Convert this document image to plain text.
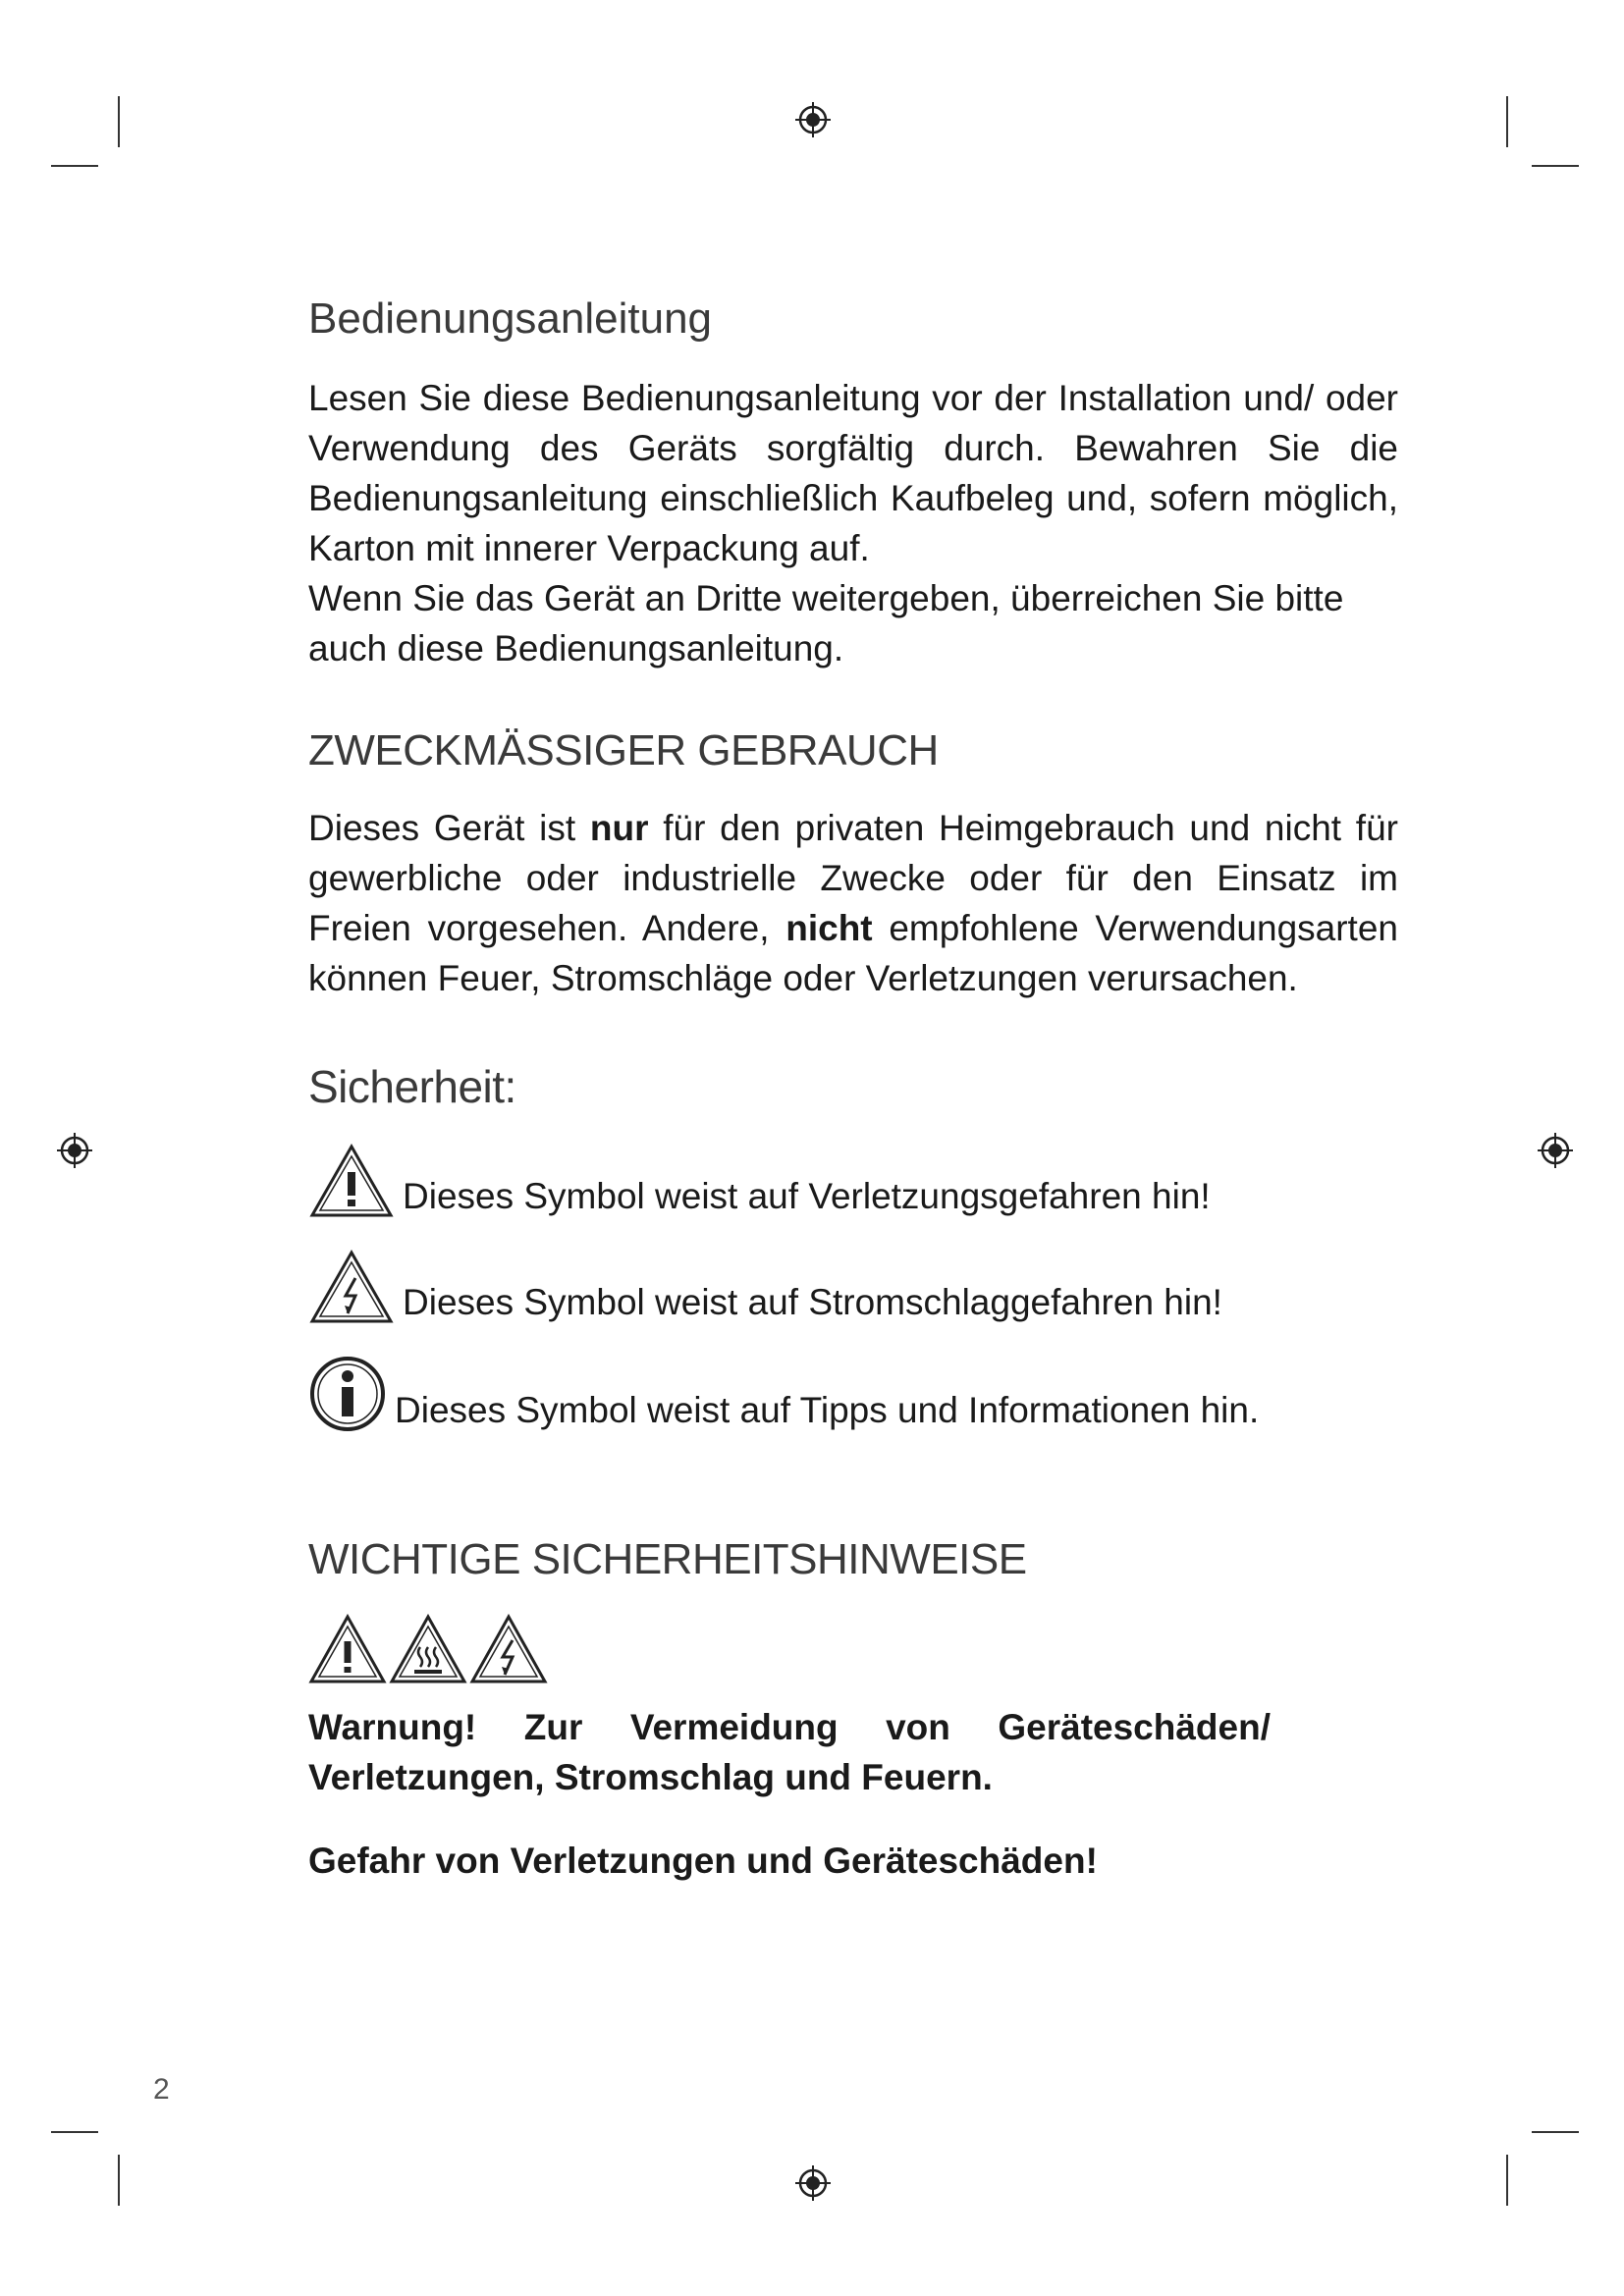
Bedienungsanleitung

Lesen Sie diese Bedienungsanleitung vor der Installation und/ oder Verwendung des Geräts sorgfältig durch. Bewahren Sie die Bedienungsanleitung einschließlich Kaufbeleg und, sofern möglich, Karton mit innerer Verpackung auf.

Wenn Sie das Gerät an Dritte weitergeben, überreichen Sie bitte auch diese Bedienungsanleitung.

ZWECKMÄSSIGER GEBRAUCH

Dieses Gerät ist nur für den privaten Heimgebrauch und nicht für gewerbliche oder industrielle Zwecke oder für den Einsatz im Freien vorgesehen. Andere, nicht empfohlene Verwendungsarten können Feuer, Stromschläge oder Verletzungen verursachen.

Sicherheit:
Dieses Symbol weist auf Verletzungsgefahren hin!
Dieses Symbol weist auf Stromschlaggefahren hin!
Dieses Symbol weist auf Tipps und Informationen hin.
WICHTIGE SICHERHEITSHINWEISE

Warnung! Zur Vermeidung von Geräteschäden/ Verletzungen, Stromschlag und Feuern.

Gefahr von Verletzungen und Geräteschäden!

2
